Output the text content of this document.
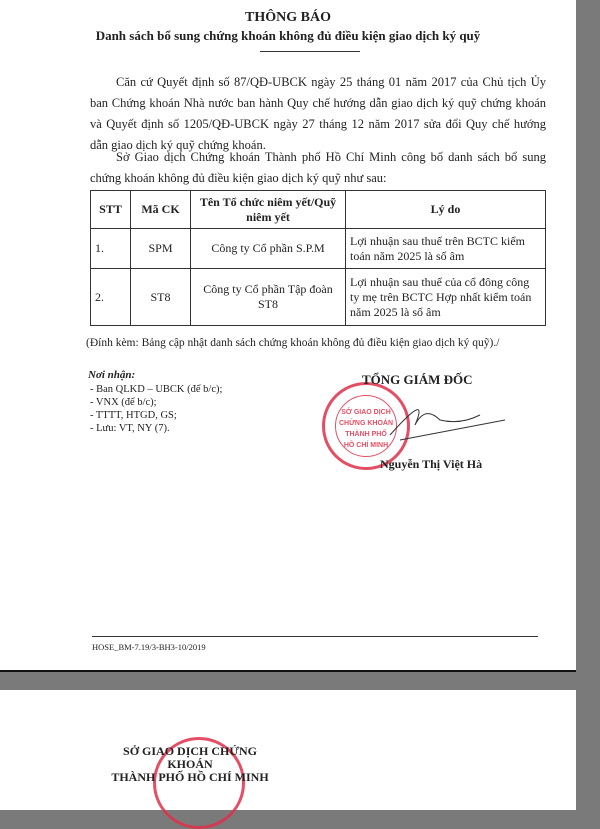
THÔNG BÁO
Danh sách bổ sung chứng khoán không đủ điều kiện giao dịch ký quỹ
Căn cứ Quyết định số 87/QĐ-UBCK ngày 25 tháng 01 năm 2017 của Chủ tịch Ủy ban Chứng khoán Nhà nước ban hành Quy chế hướng dẫn giao dịch ký quỹ chứng khoán và Quyết định số 1205/QĐ-UBCK ngày 27 tháng 12 năm 2017 sửa đổi Quy chế hướng dẫn giao dịch ký quỹ chứng khoán.
Sở Giao dịch Chứng khoán Thành phố Hồ Chí Minh công bố danh sách bổ sung chứng khoán không đủ điều kiện giao dịch ký quỹ như sau:
STT	Mã CK	Tên Tổ chức niêm yết/Quỹ niêm yết	Lý do
1.	SPM	Công ty Cổ phần S.P.M	Lợi nhuận sau thuế trên BCTC kiểm toán năm 2025 là số âm
2.	ST8	Công ty Cổ phần Tập đoàn ST8	Lợi nhuận sau thuế của cổ đông công ty mẹ trên BCTC Hợp nhất kiểm toán năm 2025 là số âm
(Đính kèm: Bảng cập nhật danh sách chứng khoán không đủ điều kiện giao dịch ký quỹ)./
Nơi nhận:
- Ban QLKD – UBCK (để b/c);
- VNX (để b/c);
- TTTT, HTGD, GS;
- Lưu: VT, NY (7).
SỞ GIAO DỊCH
CHỨNG KHOÁN
THÀNH PHỐ
HỒ CHÍ MINH
TỔNG GIÁM ĐỐC
Nguyễn Thị Việt Hà
HOSE_BM-7.19/3-BH3-10/2019
SỞ GIAO DỊCH CHỨNG KHOÁN
THÀNH PHỐ HỒ CHÍ MINH
